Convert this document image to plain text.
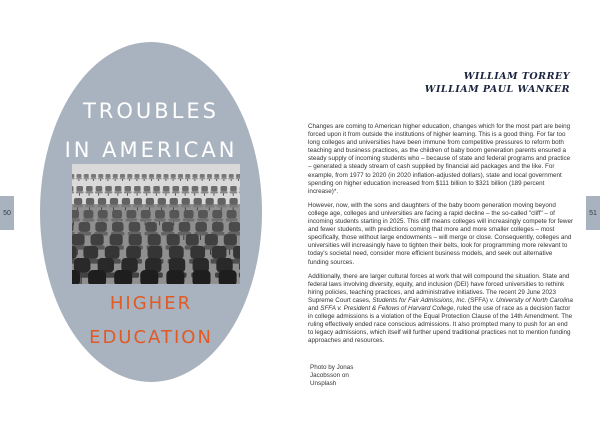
50
TROUBLES
IN AMERICAN
HIGHER
EDUCATION
WILLIAM TORREY
WILLIAM PAUL WANKER

Changes are coming to American higher education, changes which for the most part are being forced upon it from outside the institutions of higher learning. This is a good thing. For far too long colleges and universities have been immune from competitive pressures to reform both teaching and business practices, as the children of baby boom generation parents ensured a steady supply of incoming students who – because of state and federal programs and practice – generated a steady stream of cash supplied by financial aid packages and the like. For example, from 1977 to 2020 (in 2020 inflation-adjusted dollars), state and local government spending on higher education increased from $111 billion to $321 billion (189 percent increase)*.

However, now, with the sons and daughters of the baby boom generation moving beyond college age, colleges and universities are facing a rapid decline – the so-called "cliff" – of incoming students starting in 2025. This cliff means colleges will increasingly compete for fewer and fewer students, with predictions coming that more and more smaller colleges – most specifically, those without large endowments – will merge or close. Consequently, colleges and universities will increasingly have to tighten their belts, look for programming more relevant to today's societal need, consider more efficient business models, and seek out alternative funding sources.

Additionally, there are larger cultural forces at work that will compound the situation. State and federal laws involving diversity, equity, and inclusion (DEI) have forced universities to rethink hiring policies, teaching practices, and administrative initiatives. The recent 29 June 2023 Supreme Court cases, Students for Fair Admissions, Inc. (SFFA) v. University of North Carolina and SFFA v. President & Fellows of Harvard College, ruled the use of race as a decision factor in college admissions is a violation of the Equal Protection Clause of the 14th Amendment. The ruling effectively ended race conscious admissions. It also prompted many to push for an end to legacy admissions, which itself will further upend traditional practices not to mention funding approaches and resources.

Photo by Jonas Jacobsson on Unsplash
51
